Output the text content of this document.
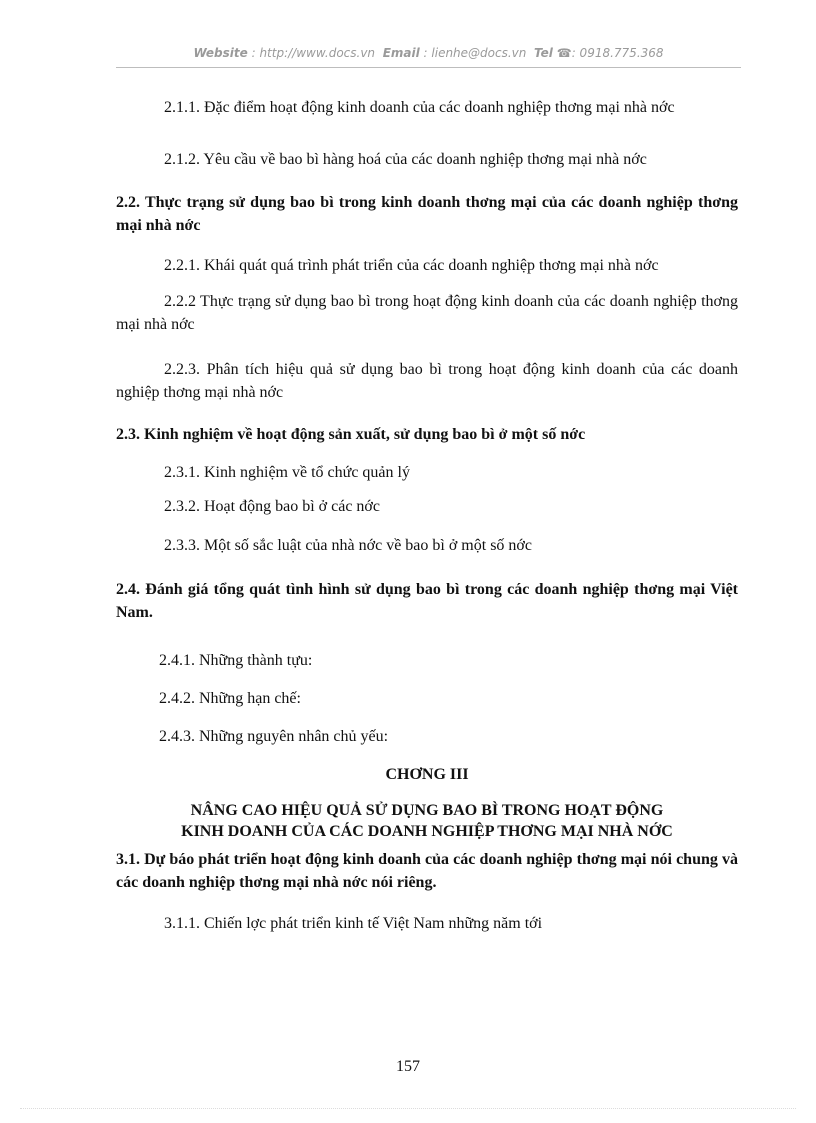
Website : http://www.docs.vn Email : lienhe@docs.vn Tel ☎: 0918.775.368

2.1.1. Đặc điểm hoạt động kinh doanh của các doanh nghiệp thơng mại nhà nớc

2.1.2. Yêu cầu về bao bì hàng hoá của các doanh nghiệp thơng mại nhà nớc

2.2. Thực trạng sử dụng bao bì trong kinh doanh thơng mại của các doanh nghiệp thơng mại nhà nớc

2.2.1. Khái quát quá trình phát triển của các doanh nghiệp thơng mại nhà nớc

2.2.2 Thực trạng sử dụng bao bì trong hoạt động kinh doanh của các doanh nghiệp thơng mại nhà nớc

2.2.3. Phân tích hiệu quả sử dụng bao bì trong hoạt động kinh doanh của các doanh nghiệp thơng mại nhà nớc

2.3. Kinh nghiệm về hoạt động sản xuất, sử dụng bao bì ở một số nớc

2.3.1. Kinh nghiệm về tổ chức quản lý

2.3.2. Hoạt động bao bì ở các nớc

2.3.3. Một số sắc luật của nhà nớc về bao bì ở một số nớc

2.4. Đánh giá tổng quát tình hình sử dụng bao bì trong các doanh nghiệp thơng mại Việt Nam.

2.4.1. Những thành tựu:

2.4.2. Những hạn chế:

2.4.3. Những nguyên nhân chủ yếu:

CHƠNG III

NÂNG CAO HIỆU QUẢ SỬ DỤNG BAO BÌ TRONG HOẠT ĐỘNG

KINH DOANH CỦA CÁC DOANH NGHIỆP THƠNG MẠI NHÀ NỚC

3.1. Dự báo phát triển hoạt động kinh doanh của các doanh nghiệp thơng mại nói chung và các doanh nghiệp thơng mại nhà nớc nói riêng.

3.1.1. Chiến lợc phát triển kinh tế Việt Nam những năm tới

157
